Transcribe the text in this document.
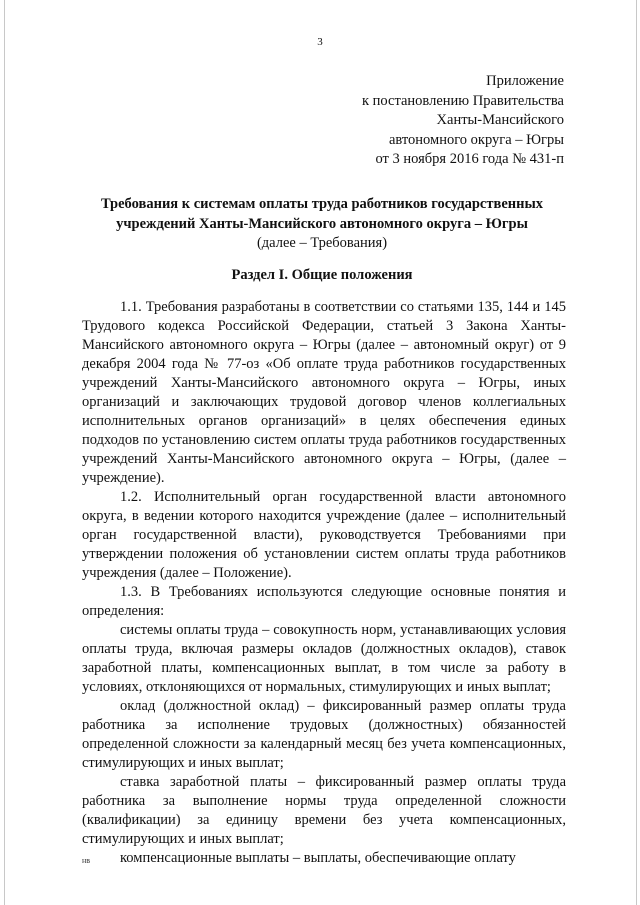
3
Приложение
к постановлению Правительства
Ханты-Мансийского
автономного округа – Югры
от 3 ноября 2016 года № 431-п
Требования к системам оплаты труда работников государственных
учреждений Ханты-Мансийского автономного округа – Югры
(далее – Требования)
Раздел I. Общие положения

1.1. Требования разработаны в соответствии со статьями 135, 144 и 145 Трудового кодекса Российской Федерации, статьей 3 Закона Ханты-Мансийского автономного округа – Югры (далее – автономный округ) от 9 декабря 2004 года № 77-оз «Об оплате труда работников государственных учреждений Ханты-Мансийского автономного округа – Югры, иных организаций и заключающих трудовой договор членов коллегиальных исполнительных органов организаций» в целях обеспечения единых подходов по установлению систем оплаты труда работников государственных учреждений Ханты-Мансийского автономного округа – Югры, (далее – учреждение).

1.2. Исполнительный орган государственной власти автономного округа, в ведении которого находится учреждение (далее – исполнительный орган государственной власти), руководствуется Требованиями при утверждении положения об установлении систем оплаты труда работников учреждения (далее – Положение).

1.3. В Требованиях используются следующие основные понятия и определения:

системы оплаты труда – совокупность норм, устанавливающих условия оплаты труда, включая размеры окладов (должностных окладов), ставок заработной платы, компенсационных выплат, в том числе за работу в условиях, отклоняющихся от нормальных, стимулирующих и иных выплат;

оклад (должностной оклад) – фиксированный размер оплаты труда работника за исполнение трудовых (должностных) обязанностей определенной сложности за календарный месяц без учета компенсационных, стимулирующих и иных выплат;

ставка заработной платы – фиксированный размер оплаты труда работника за выполнение нормы труда определенной сложности (квалификации) за единицу времени без учета компенсационных, стимулирующих и иных выплат;

компенсационные выплаты – выплаты, обеспечивающие оплату

нв
